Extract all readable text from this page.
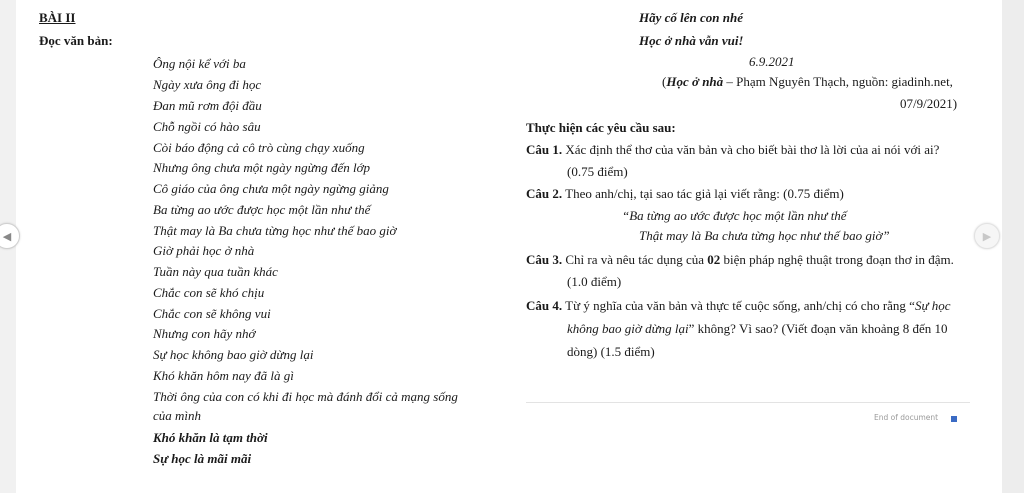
◀	▶
BÀI II
Đọc văn bản:
Ông nội kể với ba
Ngày xưa ông đi học
Đan mũ rơm đội đầu
Chỗ ngồi có hào sâu
Còi báo động cả cô trò cùng chạy xuống
Nhưng ông chưa một ngày ngừng đến lớp
Cô giáo của ông chưa một ngày ngừng giảng
Ba từng ao ước được học một lần như thế
Thật may là Ba chưa từng học như thế bao giờ
Giờ phải học ở nhà
Tuần này qua tuần khác
Chắc con sẽ khó chịu
Chắc con sẽ không vui
Nhưng con hãy nhớ
Sự học không bao giờ dừng lại
Khó khăn hôm nay đã là gì
Thời ông của con có khi đi học mà đánh đổi cả mạng sống
của mình
Khó khăn là tạm thời
Sự học là mãi mãi
Hãy cố lên con nhé
Học ở nhà vẫn vui!
6.9.2021
(Học ở nhà – Phạm Nguyên Thạch, nguồn: giadinh.net,
07/9/2021)
Thực hiện các yêu cầu sau:
Câu 1. Xác định thể thơ của văn bản và cho biết bài thơ là lời của ai nói với ai?
(0.75 điểm)
Câu 2. Theo anh/chị, tại sao tác giả lại viết rằng: (0.75 điểm)
“Ba từng ao ước được học một lần như thế
Thật may là Ba chưa từng học như thế bao giờ”
Câu 3. Chỉ ra và nêu tác dụng của 02 biện pháp nghệ thuật trong đoạn thơ in đậm.
(1.0 điểm)
Câu 4. Từ ý nghĩa của văn bản và thực tế cuộc sống, anh/chị có cho rằng “Sự học
không bao giờ dừng lại” không? Vì sao? (Viết đoạn văn khoảng 8 đến 10
dòng) (1.5 điểm)
End of document
